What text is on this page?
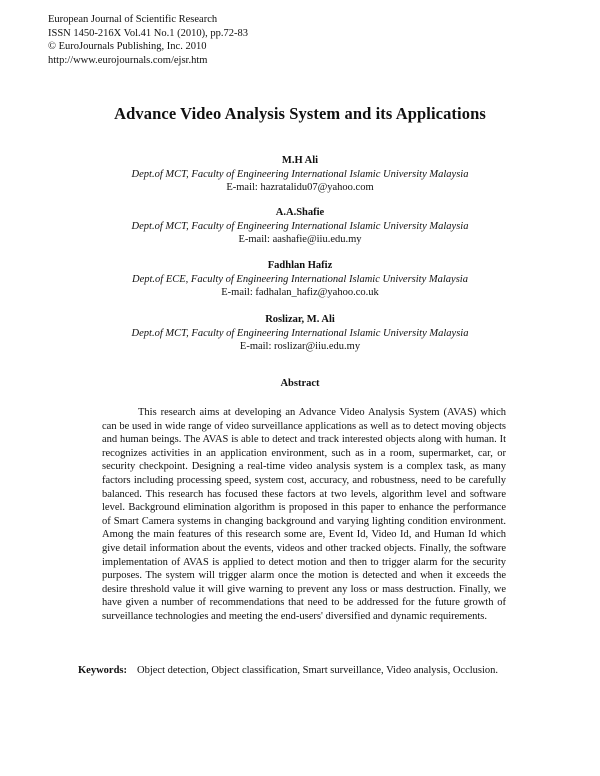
European Journal of Scientific Research
ISSN 1450-216X Vol.41 No.1 (2010), pp.72-83
© EuroJournals Publishing, Inc. 2010
http://www.eurojournals.com/ejsr.htm
Advance Video Analysis System and its Applications
M.H Ali
Dept.of MCT, Faculty of Engineering International Islamic University Malaysia
E-mail: hazratalidu07@yahoo.com
A.A.Shafie
Dept.of MCT, Faculty of Engineering International Islamic University Malaysia
E-mail: aashafie@iiu.edu.my
Fadhlan Hafiz
Dept.of ECE, Faculty of Engineering International Islamic University Malaysia
E-mail: fadhalan_hafiz@yahoo.co.uk
Roslizar, M. Ali
Dept.of MCT, Faculty of Engineering International Islamic University Malaysia
E-mail: roslizar@iiu.edu.my
Abstract

This research aims at developing an Advance Video Analysis System (AVAS) which can be used in wide range of video surveillance applications as well as to detect moving objects and human beings. The AVAS is able to detect and track interested objects along with human. It recognizes activities in an application environment, such as in a room, supermarket, car, or security checkpoint. Designing a real-time video analysis system is a complex task, as many factors including processing speed, system cost, accuracy, and robustness, need to be carefully balanced. This research has focused these factors at two levels, algorithm level and software level. Background elimination algorithm is proposed in this paper to enhance the performance of Smart Camera systems in changing background and varying lighting condition environment. Among the main features of this research some are, Event Id, Video Id, and Human Id which give detail information about the events, videos and other tracked objects. Finally, the software implementation of AVAS is applied to detect motion and then to trigger alarm for the security purposes. The system will trigger alarm once the motion is detected and when it exceeds the desire threshold value it will give warning to prevent any loss or mass destruction. Finally, we have given a number of recommendations that need to be addressed for the future growth of surveillance technologies and meeting the end-users' diversified and dynamic requirements.

Keywords: Object detection, Object classification, Smart surveillance, Video analysis, Occlusion.
